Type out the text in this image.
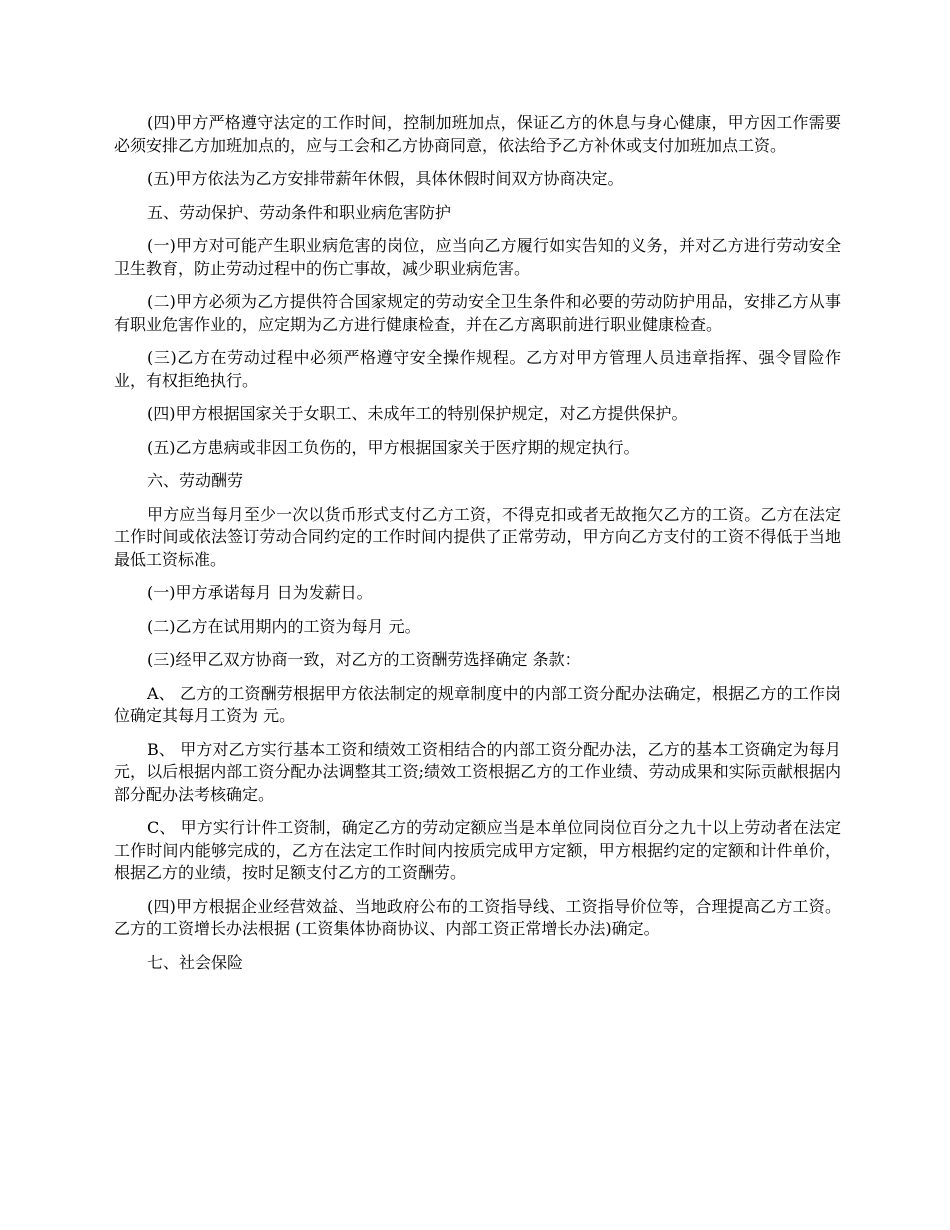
(四)甲方严格遵守法定的工作时间，控制加班加点，保证乙方的休息与身心健康，甲方因工作需要必须安排乙方加班加点的，应与工会和乙方协商同意，依法给予乙方补休或支付加班加点工资。

(五)甲方依法为乙方安排带薪年休假，具体休假时间双方协商决定。

五、劳动保护、劳动条件和职业病危害防护

(一)甲方对可能产生职业病危害的岗位，应当向乙方履行如实告知的义务，并对乙方进行劳动安全卫生教育，防止劳动过程中的伤亡事故，减少职业病危害。

(二)甲方必须为乙方提供符合国家规定的劳动安全卫生条件和必要的劳动防护用品，安排乙方从事有职业危害作业的，应定期为乙方进行健康检查，并在乙方离职前进行职业健康检查。

(三)乙方在劳动过程中必须严格遵守安全操作规程。乙方对甲方管理人员违章指挥、强令冒险作业，有权拒绝执行。

(四)甲方根据国家关于女职工、未成年工的特别保护规定，对乙方提供保护。

(五)乙方患病或非因工负伤的，甲方根据国家关于医疗期的规定执行。

六、劳动酬劳

甲方应当每月至少一次以货币形式支付乙方工资，不得克扣或者无故拖欠乙方的工资。乙方在法定工作时间或依法签订劳动合同约定的工作时间内提供了正常劳动，甲方向乙方支付的工资不得低于当地最低工资标准。

(一)甲方承诺每月 日为发薪日。

(二)乙方在试用期内的工资为每月 元。

(三)经甲乙双方协商一致，对乙方的工资酬劳选择确定 条款：

A、 乙方的工资酬劳根据甲方依法制定的规章制度中的内部工资分配办法确定，根据乙方的工作岗位确定其每月工资为 元。

B、 甲方对乙方实行基本工资和绩效工资相结合的内部工资分配办法，乙方的基本工资确定为每月 元，以后根据内部工资分配办法调整其工资;绩效工资根据乙方的工作业绩、劳动成果和实际贡献根据内部分配办法考核确定。

C、 甲方实行计件工资制，确定乙方的劳动定额应当是本单位同岗位百分之九十以上劳动者在法定工作时间内能够完成的，乙方在法定工作时间内按质完成甲方定额，甲方根据约定的定额和计件单价，根据乙方的业绩，按时足额支付乙方的工资酬劳。

(四)甲方根据企业经营效益、当地政府公布的工资指导线、工资指导价位等，合理提高乙方工资。乙方的工资增长办法根据 (工资集体协商协议、内部工资正常增长办法)确定。

七、社会保险
